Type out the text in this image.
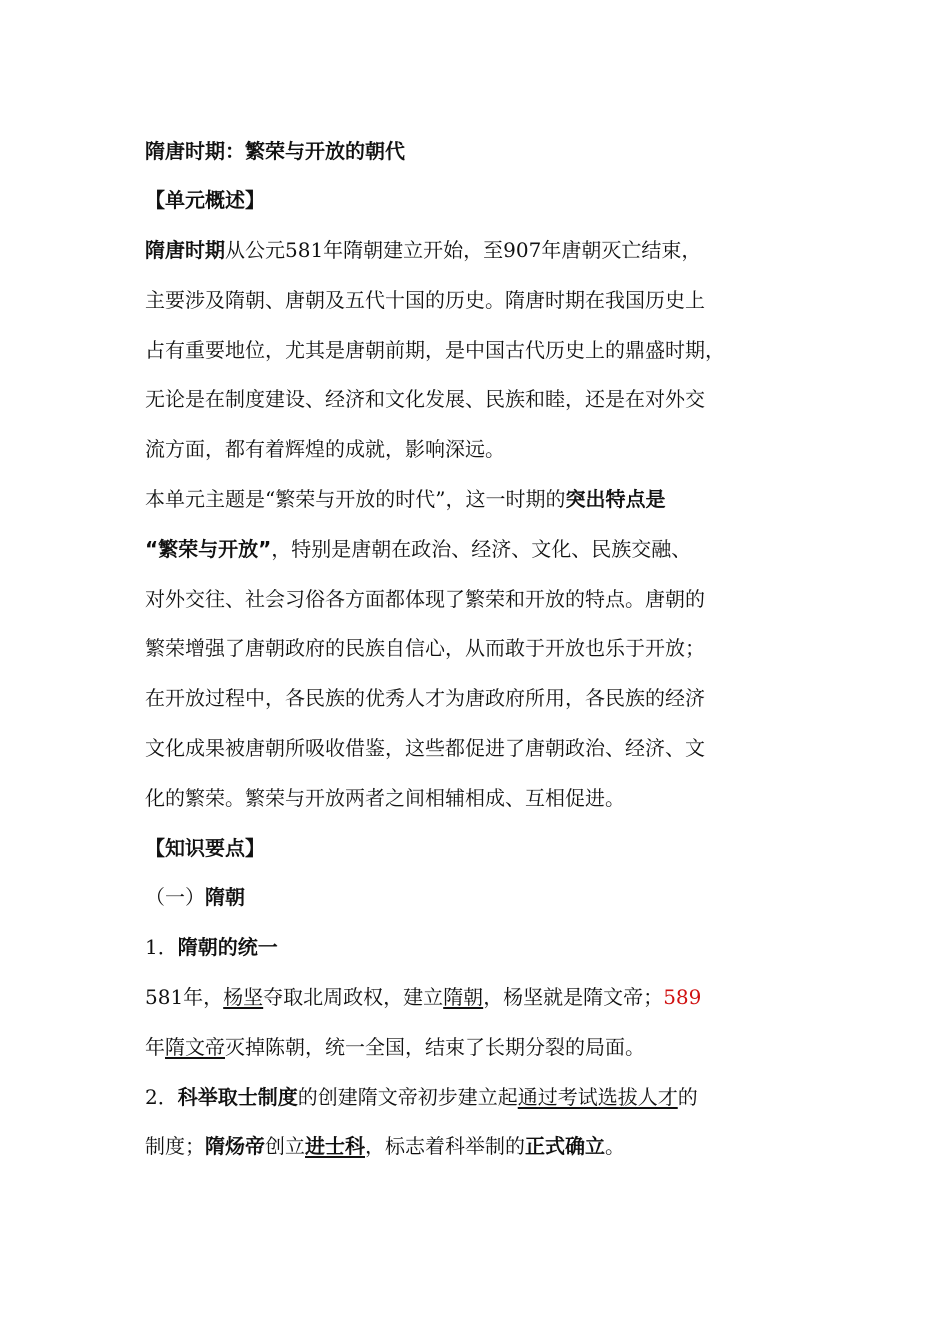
隋唐时期：繁荣与开放的朝代
【单元概述】
隋唐时期从公元581年隋朝建立开始，至907年唐朝灭亡结束，
主要涉及隋朝、唐朝及五代十国的历史。隋唐时期在我国历史上
占有重要地位，尤其是唐朝前期，是中国古代历史上的鼎盛时期，
无论是在制度建设、经济和文化发展、民族和睦，还是在对外交
流方面，都有着辉煌的成就，影响深远。
本单元主题是“繁荣与开放的时代”，这一时期的突出特点是
“繁荣与开放”，特别是唐朝在政治、经济、文化、民族交融、
对外交往、社会习俗各方面都体现了繁荣和开放的特点。唐朝的
繁荣增强了唐朝政府的民族自信心，从而敢于开放也乐于开放；
在开放过程中，各民族的优秀人才为唐政府所用，各民族的经济
文化成果被唐朝所吸收借鉴，这些都促进了唐朝政治、经济、文
化的繁荣。繁荣与开放两者之间相辅相成、互相促进。
【知识要点】
（一）隋朝
1．隋朝的统一
581年，杨坚夺取北周政权，建立隋朝，杨坚就是隋文帝；589
年隋文帝灭掉陈朝，统一全国，结束了长期分裂的局面。
2．科举取士制度的创建隋文帝初步建立起通过考试选拔人才的
制度；隋炀帝创立进士科，标志着科举制的正式确立。
